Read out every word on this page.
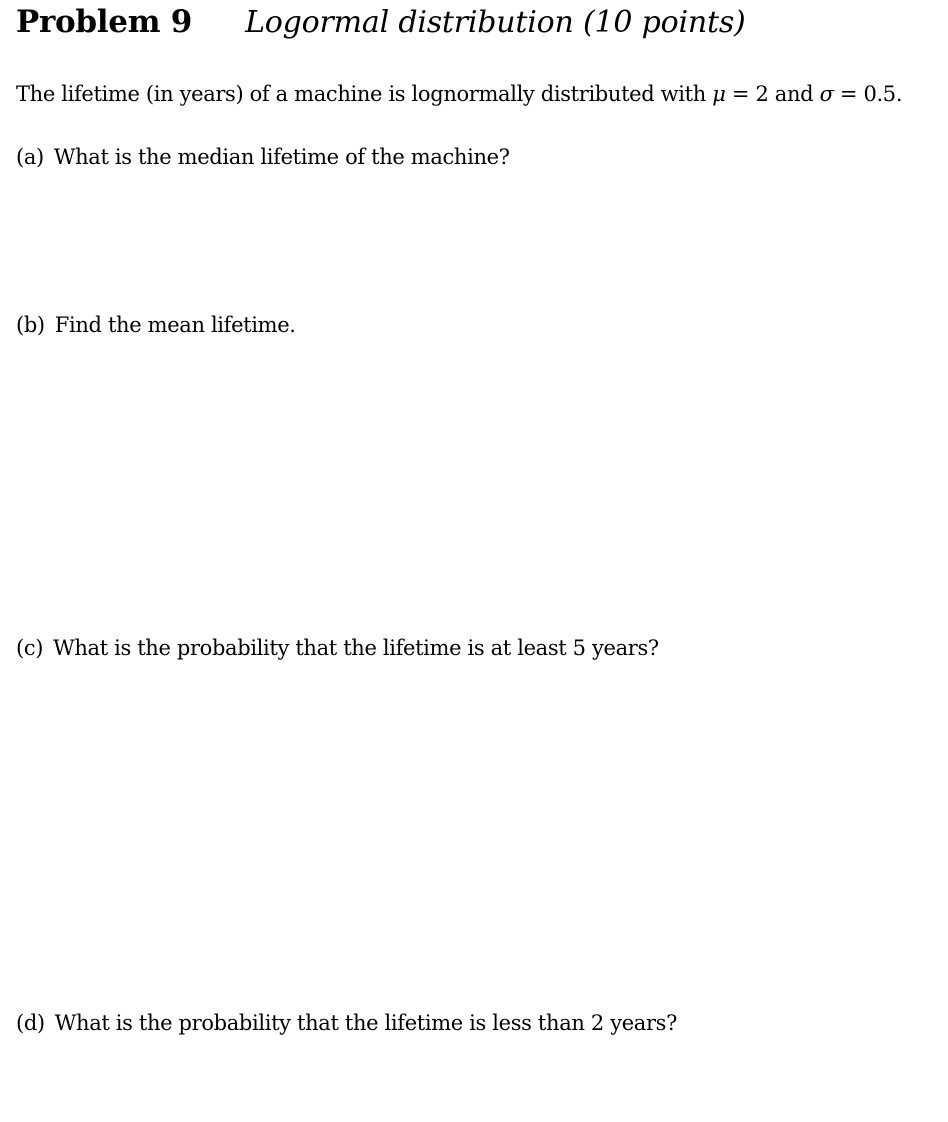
Problem 9 Logormal distribution (10 points)
The lifetime (in years) of a machine is lognormally distributed with μ = 2 and σ = 0.5.
(a) What is the median lifetime of the machine?
(b) Find the mean lifetime.
(c) What is the probability that the lifetime is at least 5 years?
(d) What is the probability that the lifetime is less than 2 years?
